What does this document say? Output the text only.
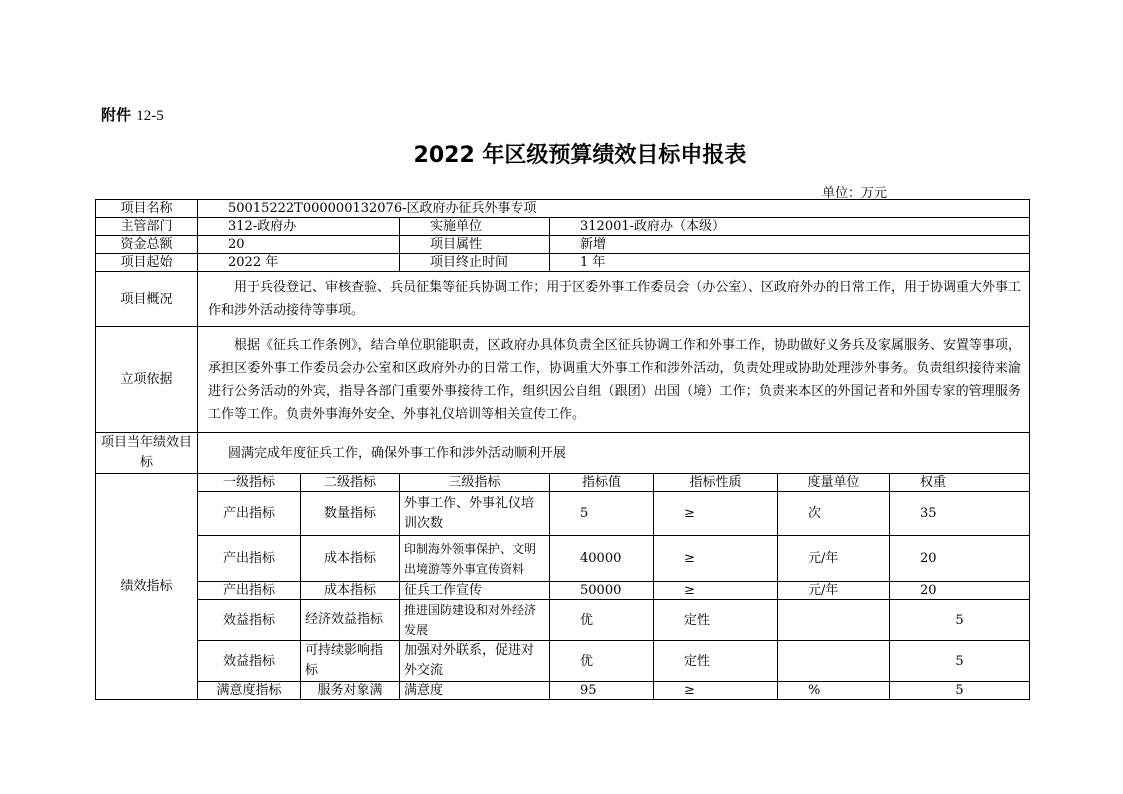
附件 12-5
2022 年区级预算绩效目标申报表
单位：万元
项目名称	50015222T000000132076-区政府办征兵外事专项						
主管部门	312-政府办		实施单位	312001-政府办（本级）			
资金总额	20		项目属性	新增			
项目起始	2022 年		项目终止时间	1 年			
项目概况	用于兵役登记、审核查验、兵员征集等征兵协调工作；用于区委外事工作委员会（办公室）、区政府外办的日常工作，用于协调重大外事工作和涉外活动接待等事项。						
立项依据	根据《征兵工作条例》，结合单位职能职责，区政府办具体负责全区征兵协调工作和外事工作，协助做好义务兵及家属服务、安置等事项，承担区委外事工作委员会办公室和区政府外办的日常工作，协调重大外事工作和涉外活动，负责处理或协助处理涉外事务。负责组织接待来渝进行公务活动的外宾，指导各部门重要外事接待工作，组织因公自组（跟团）出国（境）工作；负责来本区的外国记者和外国专家的管理服务工作等工作。负责外事海外安全、外事礼仪培训等相关宣传工作。						
项目当年绩效目标	圆满完成年度征兵工作，确保外事工作和涉外活动顺利开展						
绩效指标	一级指标	二级指标	三级指标	指标值	指标性质	度量单位	权重
	产出指标	数量指标	外事工作、外事礼仪培训次数	5	≥	次	35
	产出指标	成本指标	印制海外领事保护、文明出境游等外事宣传资料	40000	≥	元/年	20
	产出指标	成本指标	征兵工作宣传	50000	≥	元/年	20
	效益指标	经济效益指标	推进国防建设和对外经济发展	优	定性		5
	效益指标	可持续影响指标	加强对外联系，促进对外交流	优	定性		5
	满意度指标	服务对象满	满意度	95	≥	%	5
